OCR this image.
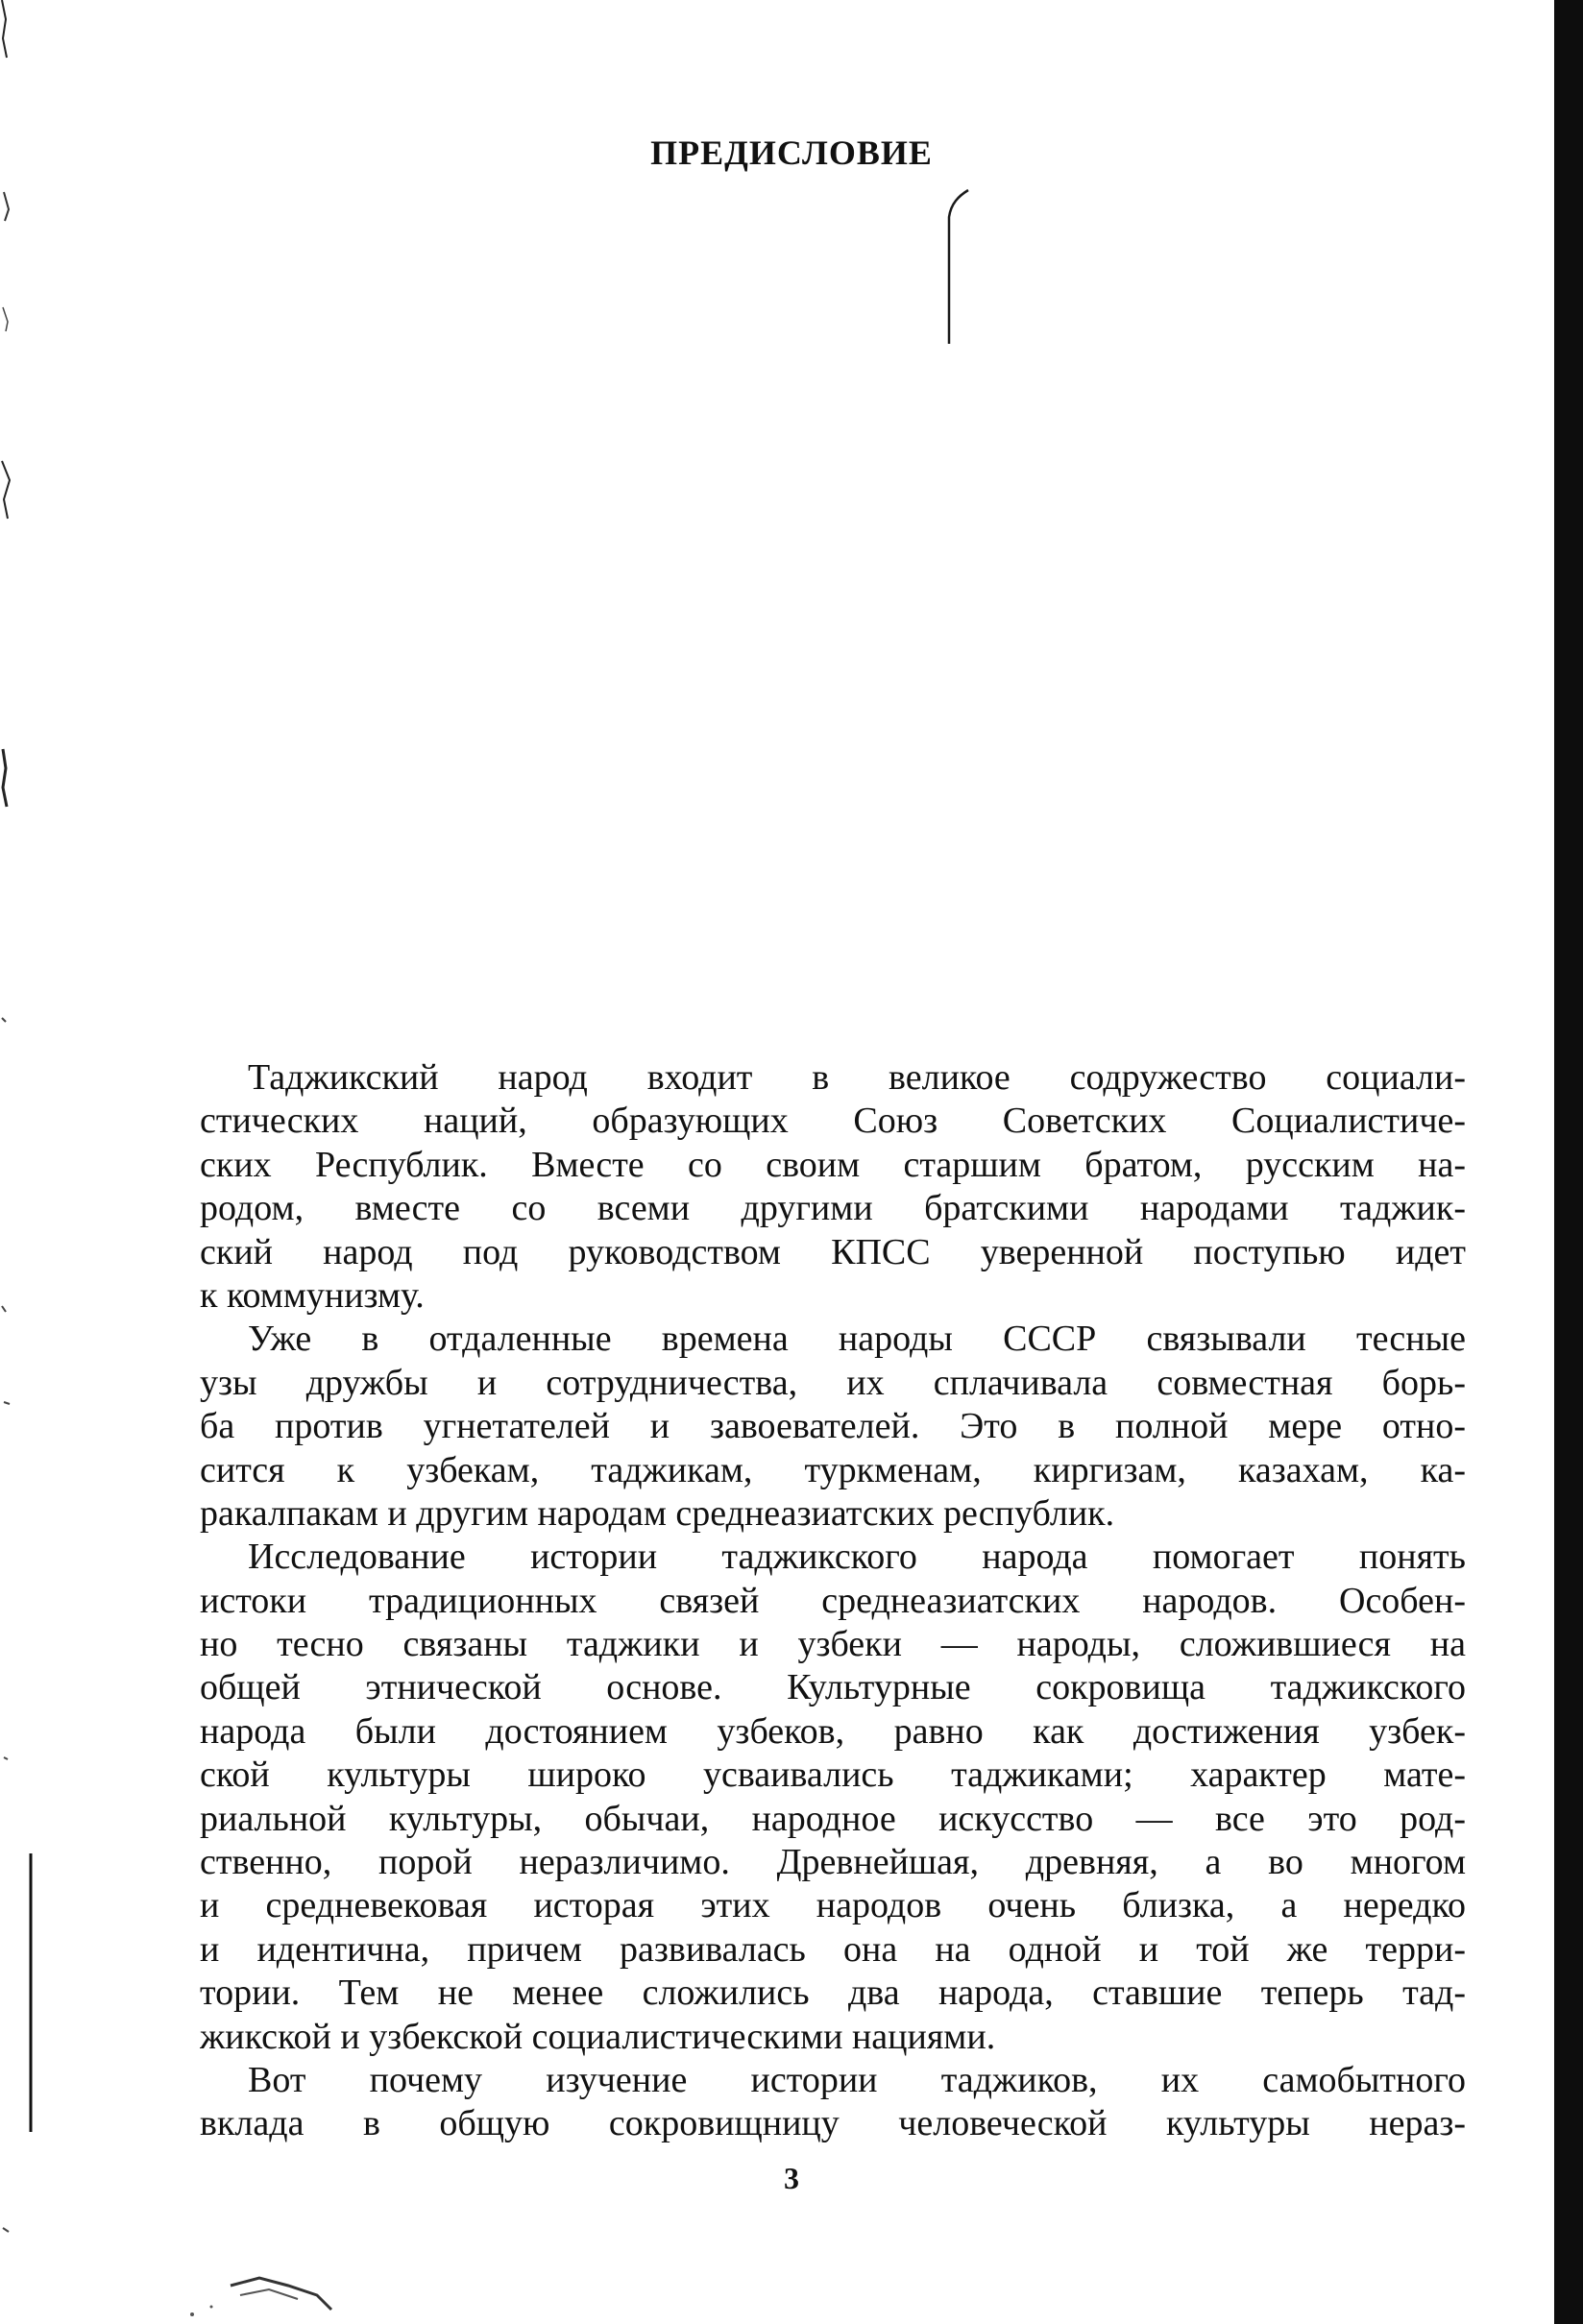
ПРЕДИСЛОВИЕ
Таджикский народ входит в великое содружество социали-
стических наций, образующих Союз Советских Социалистиче-
ских Республик. Вместе со своим старшим братом, русским на-
родом, вместе со всеми другими братскими народами таджик-
ский народ под руководством КПСС уверенной поступью идет
к коммунизму.
Уже в отдаленные времена народы СССР связывали тесные
узы дружбы и сотрудничества, их сплачивала совместная борь-
ба против угнетателей и завоевателей. Это в полной мере отно-
сится к узбекам, таджикам, туркменам, киргизам, казахам, ка-
ракалпакам и другим народам среднеазиатских республик.
Исследование истории таджикского народа помогает понять
истоки традиционных связей среднеазиатских народов. Особен-
но тесно связаны таджики и узбеки — народы, сложившиеся на
общей этнической основе. Культурные сокровища таджикского
народа были достоянием узбеков, равно как достижения узбек-
ской культуры широко усваивались таджиками; характер мате-
риальной культуры, обычаи, народное искусство — все это род-
ственно, порой неразличимо. Древнейшая, древняя, а во многом
и средневековая истоpая этих народов очень близка, а нередко
и идентична, причем развивалась она на одной и той же терри-
тории. Тем не менее сложились два народа, ставшие теперь тад-
жикской и узбекской социалистическими нациями.
Вот почему изучение истории таджиков, их самобытного
вклада в общую сокровищницу человеческой культуры нераз-
3
